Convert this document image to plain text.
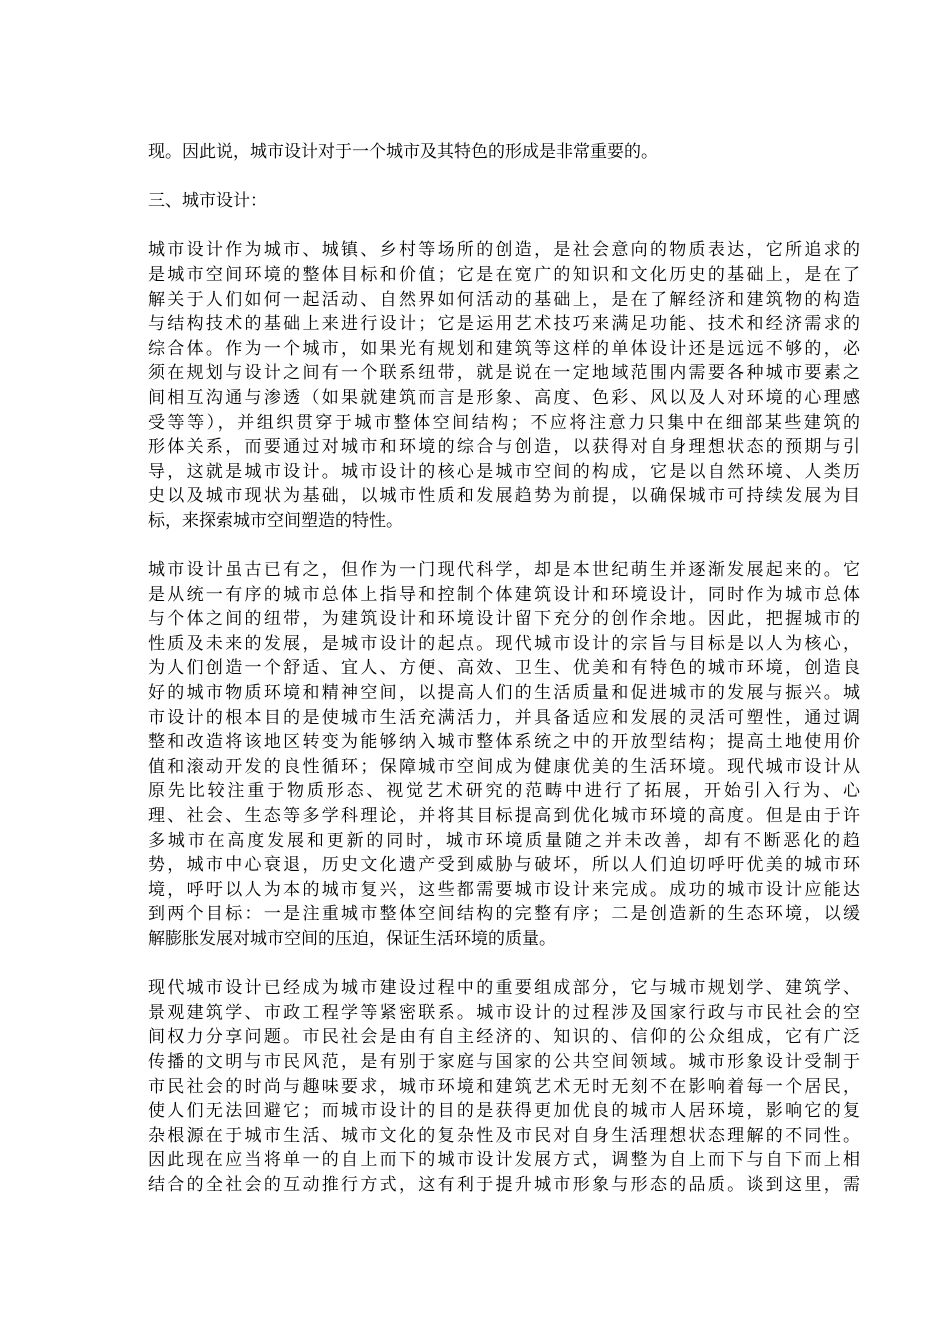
现。因此说，城市设计对于一个城市及其特色的形成是非常重要的。

三、城市设计：

城市设计作为城市、城镇、乡村等场所的创造，是社会意向的物质表达，它所追求的
是城市空间环境的整体目标和价值；它是在宽广的知识和文化历史的基础上，是在了
解关于人们如何一起活动、自然界如何活动的基础上，是在了解经济和建筑物的构造
与结构技术的基础上来进行设计；它是运用艺术技巧来满足功能、技术和经济需求的
综合体。作为一个城市，如果光有规划和建筑等这样的单体设计还是远远不够的，必
须在规划与设计之间有一个联系纽带，就是说在一定地域范围内需要各种城市要素之
间相互沟通与渗透（如果就建筑而言是形象、高度、色彩、风以及人对环境的心理感
受等等），并组织贯穿于城市整体空间结构；不应将注意力只集中在细部某些建筑的
形体关系，而要通过对城市和环境的综合与创造，以获得对自身理想状态的预期与引
导，这就是城市设计。城市设计的核心是城市空间的构成，它是以自然环境、人类历
史以及城市现状为基础，以城市性质和发展趋势为前提，以确保城市可持续发展为目
标，来探索城市空间塑造的特性。

城市设计虽古已有之，但作为一门现代科学，却是本世纪萌生并逐渐发展起来的。它
是从统一有序的城市总体上指导和控制个体建筑设计和环境设计，同时作为城市总体
与个体之间的纽带，为建筑设计和环境设计留下充分的创作余地。因此，把握城市的
性质及未来的发展，是城市设计的起点。现代城市设计的宗旨与目标是以人为核心，
为人们创造一个舒适、宜人、方便、高效、卫生、优美和有特色的城市环境，创造良
好的城市物质环境和精神空间，以提高人们的生活质量和促进城市的发展与振兴。城
市设计的根本目的是使城市生活充满活力，并具备适应和发展的灵活可塑性，通过调
整和改造将该地区转变为能够纳入城市整体系统之中的开放型结构；提高土地使用价
值和滚动开发的良性循环；保障城市空间成为健康优美的生活环境。现代城市设计从
原先比较注重于物质形态、视觉艺术研究的范畴中进行了拓展，开始引入行为、心
理、社会、生态等多学科理论，并将其目标提高到优化城市环境的高度。但是由于许
多城市在高度发展和更新的同时，城市环境质量随之并未改善，却有不断恶化的趋
势，城市中心衰退，历史文化遗产受到威胁与破坏，所以人们迫切呼吁优美的城市环
境，呼吁以人为本的城市复兴，这些都需要城市设计来完成。成功的城市设计应能达
到两个目标：一是注重城市整体空间结构的完整有序；二是创造新的生态环境，以缓
解膨胀发展对城市空间的压迫，保证生活环境的质量。

现代城市设计已经成为城市建设过程中的重要组成部分，它与城市规划学、建筑学、
景观建筑学、市政工程学等紧密联系。城市设计的过程涉及国家行政与市民社会的空
间权力分享问题。市民社会是由有自主经济的、知识的、信仰的公众组成，它有广泛
传播的文明与市民风范，是有别于家庭与国家的公共空间领域。城市形象设计受制于
市民社会的时尚与趣味要求，城市环境和建筑艺术无时无刻不在影响着每一个居民，
使人们无法回避它；而城市设计的目的是获得更加优良的城市人居环境，影响它的复
杂根源在于城市生活、城市文化的复杂性及市民对自身生活理想状态理解的不同性。
因此现在应当将单一的自上而下的城市设计发展方式，调整为自上而下与自下而上相
结合的全社会的互动推行方式，这有利于提升城市形象与形态的品质。谈到这里，需
